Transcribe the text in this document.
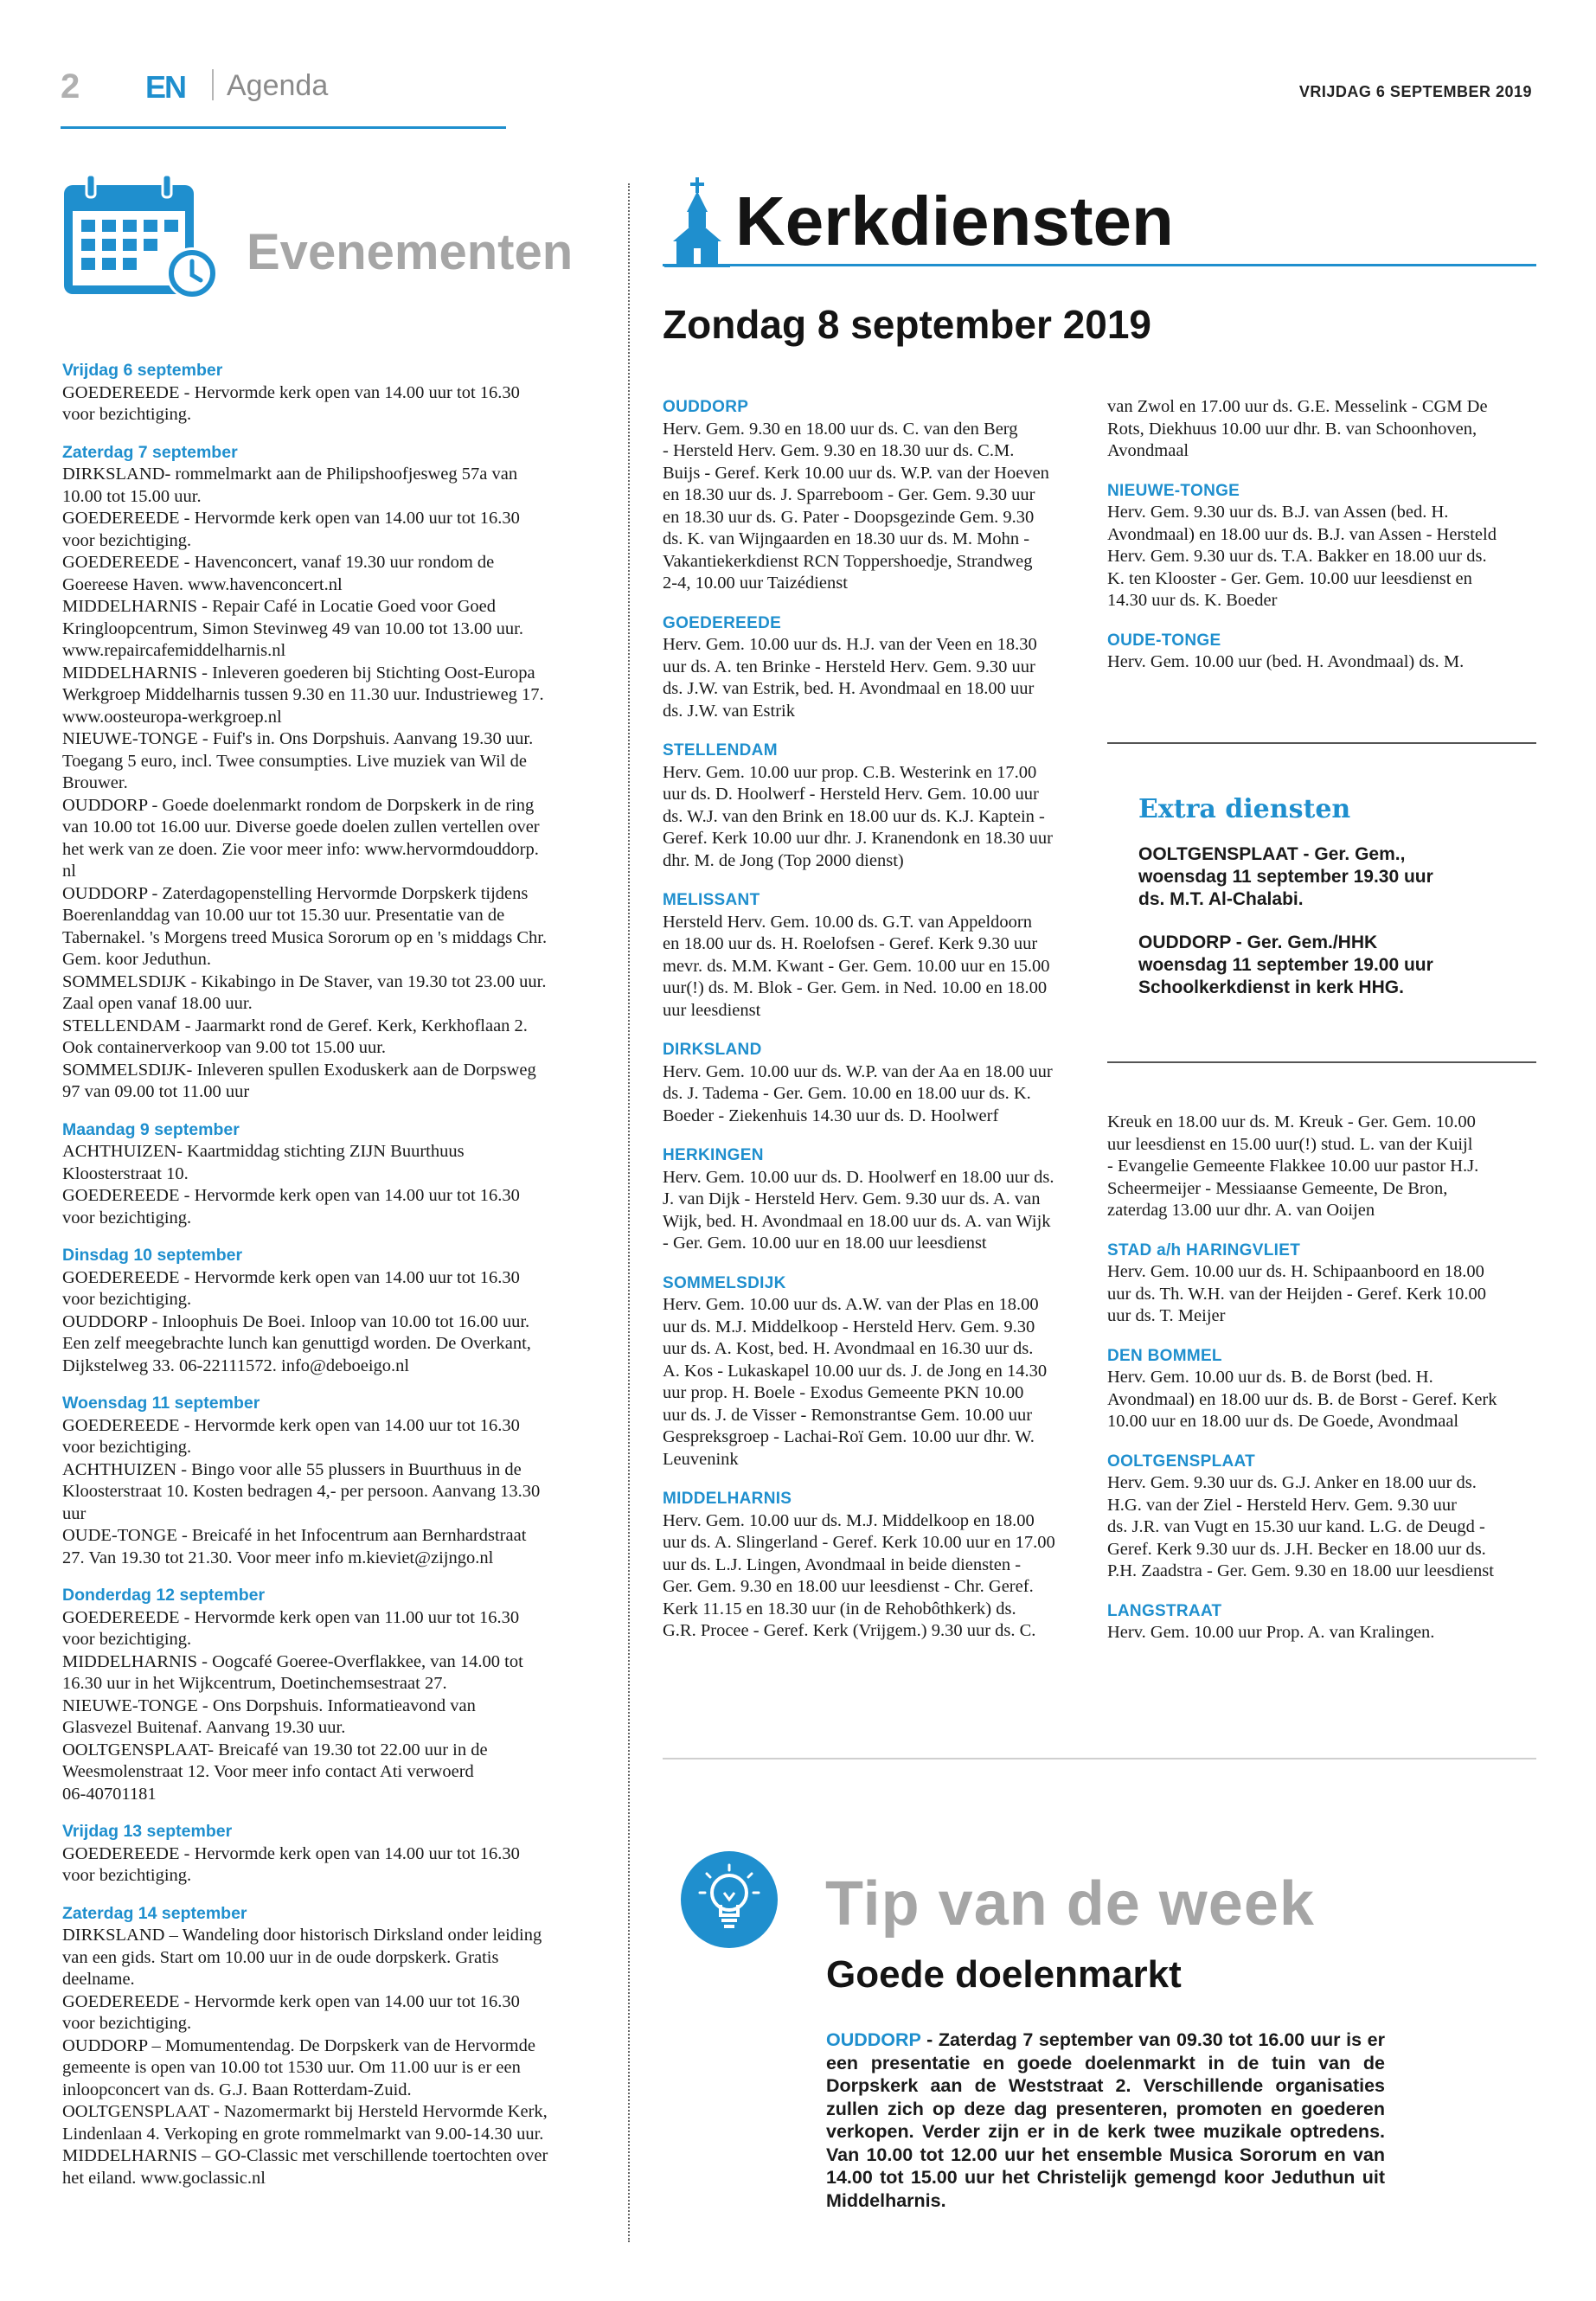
2 EN Agenda	VRIJDAG 6 SEPTEMBER 2019
Evenementen
Vrijdag 6 september
GOEDEREEDE - Hervormde kerk open van 14.00 uur tot 16.30
voor bezichtiging.
Zaterdag 7 september
DIRKSLAND- rommelmarkt aan de Philipshoofjesweg 57a van
10.00 tot 15.00 uur.
GOEDEREEDE - Hervormde kerk open van 14.00 uur tot 16.30
voor bezichtiging.
GOEDEREEDE - Havenconcert, vanaf 19.30 uur rondom de
Goereese Haven. www.havenconcert.nl
MIDDELHARNIS - Repair Café in Locatie Goed voor Goed
Kringloopcentrum, Simon Stevinweg 49 van 10.00 tot 13.00 uur.
www.repaircafemiddelharnis.nl
MIDDELHARNIS - Inleveren goederen bij Stichting Oost-Europa
Werkgroep Middelharnis tussen 9.30 en 11.30 uur. Industrieweg 17.
www.oosteuropa-werkgroep.nl
NIEUWE-TONGE - Fuif's in. Ons Dorpshuis. Aanvang 19.30 uur.
Toegang 5 euro, incl. Twee consumpties. Live muziek van Wil de
Brouwer.
OUDDORP - Goede doelenmarkt rondom de Dorpskerk in de ring
van 10.00 tot 16.00 uur. Diverse goede doelen zullen vertellen over
het werk van ze doen. Zie voor meer info: www.hervormdouddorp.
nl
OUDDORP - Zaterdagopenstelling Hervormde Dorpskerk tijdens
Boerenlanddag van 10.00 uur tot 15.30 uur. Presentatie van de
Tabernakel. 's Morgens treed Musica Sororum op en 's middags Chr.
Gem. koor Jeduthun.
SOMMELSDIJK - Kikabingo in De Staver, van 19.30 tot 23.00 uur.
Zaal open vanaf 18.00 uur.
STELLENDAM - Jaarmarkt rond de Geref. Kerk, Kerkhoflaan 2.
Ook containerverkoop van 9.00 tot 15.00 uur.
SOMMELSDIJK- Inleveren spullen Exoduskerk aan de Dorpsweg
97 van 09.00 tot 11.00 uur
Maandag 9 september
ACHTHUIZEN- Kaartmiddag stichting ZIJN Buurthuus
Kloosterstraat 10.
GOEDEREEDE - Hervormde kerk open van 14.00 uur tot 16.30
voor bezichtiging.
Dinsdag 10 september
GOEDEREEDE - Hervormde kerk open van 14.00 uur tot 16.30
voor bezichtiging.
OUDDORP - Inloophuis De Boei. Inloop van 10.00 tot 16.00 uur.
Een zelf meegebrachte lunch kan genuttigd worden. De Overkant,
Dijkstelweg 33. 06-22111572. info@deboeigo.nl
Woensdag 11 september
GOEDEREEDE - Hervormde kerk open van 14.00 uur tot 16.30
voor bezichtiging.
ACHTHUIZEN - Bingo voor alle 55 plussers in Buurthuus in de
Kloosterstraat 10. Kosten bedragen 4,- per persoon. Aanvang 13.30
uur
OUDE-TONGE - Breicafé in het Infocentrum aan Bernhardstraat
27. Van 19.30 tot 21.30. Voor meer info m.kieviet@zijngo.nl
Donderdag 12 september
GOEDEREEDE - Hervormde kerk open van 11.00 uur tot 16.30
voor bezichtiging.
MIDDELHARNIS - Oogcafé Goeree-Overflakkee, van 14.00 tot
16.30 uur in het Wijkcentrum, Doetinchemsestraat 27.
NIEUWE-TONGE - Ons Dorpshuis. Informatieavond van
Glasvezel Buitenaf. Aanvang 19.30 uur.
OOLTGENSPLAAT- Breicafé van 19.30 tot 22.00 uur in de
Weesmolenstraat 12. Voor meer info contact Ati verwoerd
06-40701181
Vrijdag 13 september
GOEDEREEDE - Hervormde kerk open van 14.00 uur tot 16.30
voor bezichtiging.
Zaterdag 14 september
DIRKSLAND – Wandeling door historisch Dirksland onder leiding
van een gids. Start om 10.00 uur in de oude dorpskerk. Gratis
deelname.
GOEDEREEDE - Hervormde kerk open van 14.00 uur tot 16.30
voor bezichtiging.
OUDDORP – Momumentendag. De Dorpskerk van de Hervormde
gemeente is open van 10.00 tot 1530 uur. Om 11.00 uur is er een
inloopconcert van ds. G.J. Baan Rotterdam-Zuid.
OOLTGENSPLAAT - Nazomermarkt bij Hersteld Hervormde Kerk,
Lindenlaan 4. Verkoping en grote rommelmarkt van 9.00-14.30 uur.
MIDDELHARNIS – GO-Classic met verschillende toertochten over
het eiland. www.goclassic.nl
Kerkdiensten
Zondag 8 september 2019
OUDDORP
Herv. Gem. 9.30 en 18.00 uur ds. C. van den Berg
- Hersteld Herv. Gem. 9.30 en 18.30 uur ds. C.M.
Buijs - Geref. Kerk 10.00 uur ds. W.P. van der Hoeven
en 18.30 uur ds. J. Sparreboom - Ger. Gem. 9.30 uur
en 18.30 uur ds. G. Pater - Doopsgezinde Gem. 9.30
ds. K. van Wijngaarden en 18.30 uur ds. M. Mohn -
Vakantiekerkdienst RCN Toppershoedje, Strandweg
2-4, 10.00 uur Taizédienst
GOEDEREEDE
Herv. Gem. 10.00 uur ds. H.J. van der Veen en 18.30
uur ds. A. ten Brinke - Hersteld Herv. Gem. 9.30 uur
ds. J.W. van Estrik, bed. H. Avondmaal en 18.00 uur
ds. J.W. van Estrik
STELLENDAM
Herv. Gem. 10.00 uur prop. C.B. Westerink en 17.00
uur ds. D. Hoolwerf - Hersteld Herv. Gem. 10.00 uur
ds. W.J. van den Brink en 18.00 uur ds. K.J. Kaptein -
Geref. Kerk 10.00 uur dhr. J. Kranendonk en 18.30 uur
dhr. M. de Jong (Top 2000 dienst)
MELISSANT
Hersteld Herv. Gem. 10.00 ds. G.T. van Appeldoorn
en 18.00 uur ds. H. Roelofsen - Geref. Kerk 9.30 uur
mevr. ds. M.M. Kwant - Ger. Gem. 10.00 uur en 15.00
uur(!) ds. M. Blok - Ger. Gem. in Ned. 10.00 en 18.00
uur leesdienst
DIRKSLAND
Herv. Gem. 10.00 uur ds. W.P. van der Aa en 18.00 uur
ds. J. Tadema - Ger. Gem. 10.00 en 18.00 uur ds. K.
Boeder - Ziekenhuis 14.30 uur ds. D. Hoolwerf
HERKINGEN
Herv. Gem. 10.00 uur ds. D. Hoolwerf en 18.00 uur ds.
J. van Dijk - Hersteld Herv. Gem. 9.30 uur ds. A. van
Wijk, bed. H. Avondmaal en 18.00 uur ds. A. van Wijk
- Ger. Gem. 10.00 uur en 18.00 uur leesdienst
SOMMELSDIJK
Herv. Gem. 10.00 uur ds. A.W. van der Plas en 18.00
uur ds. M.J. Middelkoop - Hersteld Herv. Gem. 9.30
uur ds. A. Kost, bed. H. Avondmaal en 16.30 uur ds.
A. Kos - Lukaskapel 10.00 uur ds. J. de Jong en 14.30
uur prop. H. Boele - Exodus Gemeente PKN 10.00
uur ds. J. de Visser - Remonstrantse Gem. 10.00 uur
Gespreksgroep - Lachai-Roï Gem. 10.00 uur dhr. W.
Leuvenink
MIDDELHARNIS
Herv. Gem. 10.00 uur ds. M.J. Middelkoop en 18.00
uur ds. A. Slingerland - Geref. Kerk 10.00 uur en 17.00
uur ds. L.J. Lingen, Avondmaal in beide diensten -
Ger. Gem. 9.30 en 18.00 uur leesdienst - Chr. Geref.
Kerk 11.15 en 18.30 uur (in de Rehobôthkerk) ds.
G.R. Procee - Geref. Kerk (Vrijgem.) 9.30 uur ds. C.
van Zwol en 17.00 uur ds. G.E. Messelink - CGM De
Rots, Diekhuus 10.00 uur dhr. B. van Schoonhoven,
Avondmaal
NIEUWE-TONGE
Herv. Gem. 9.30 uur ds. B.J. van Assen (bed. H.
Avondmaal) en 18.00 uur ds. B.J. van Assen - Hersteld
Herv. Gem. 9.30 uur ds. T.A. Bakker en 18.00 uur ds.
K. ten Klooster - Ger. Gem. 10.00 uur leesdienst en
14.30 uur ds. K. Boeder
OUDE-TONGE
Herv. Gem. 10.00 uur (bed. H. Avondmaal) ds. M.
Extra diensten

OOLTGENSPLAAT - Ger. Gem.,
woensdag 11 september 19.30 uur
ds. M.T. Al-Chalabi.

OUDDORP - Ger. Gem./HHK
woensdag 11 september 19.00 uur
Schoolkerkdienst in kerk HHG.

Kreuk en 18.00 uur ds. M. Kreuk - Ger. Gem. 10.00
uur leesdienst en 15.00 uur(!) stud. L. van der Kuijl
- Evangelie Gemeente Flakkee 10.00 uur pastor H.J.
Scheermeijer - Messiaanse Gemeente, De Bron,
zaterdag 13.00 uur dhr. A. van Ooijen
STAD a/h HARINGVLIET
Herv. Gem. 10.00 uur ds. H. Schipaanboord en 18.00
uur ds. Th. W.H. van der Heijden - Geref. Kerk 10.00
uur ds. T. Meijer
DEN BOMMEL
Herv. Gem. 10.00 uur ds. B. de Borst (bed. H.
Avondmaal) en 18.00 uur ds. B. de Borst - Geref. Kerk
10.00 uur en 18.00 uur ds. De Goede, Avondmaal
OOLTGENSPLAAT
Herv. Gem. 9.30 uur ds. G.J. Anker en 18.00 uur ds.
H.G. van der Ziel - Hersteld Herv. Gem. 9.30 uur
ds. J.R. van Vugt en 15.30 uur kand. L.G. de Deugd -
Geref. Kerk 9.30 uur ds. J.H. Becker en 18.00 uur ds.
P.H. Zaadstra - Ger. Gem. 9.30 en 18.00 uur leesdienst
LANGSTRAAT
Herv. Gem. 10.00 uur Prop. A. van Kralingen.
Tip van de week
Goede doelenmarkt
OUDDORP - Zaterdag 7 september van 09.30 tot 16.00 uur is er een presentatie en goede doelenmarkt in de tuin van de Dorpskerk aan de Weststraat 2. Verschillende organisaties zullen zich op deze dag presenteren, promoten en goederen verkopen. Verder zijn er in de kerk twee muzikale optredens. Van 10.00 tot 12.00 uur het ensemble Musica Sororum en van 14.00 tot 15.00 uur het Christelijk gemengd koor Jeduthun uit Middelharnis.
